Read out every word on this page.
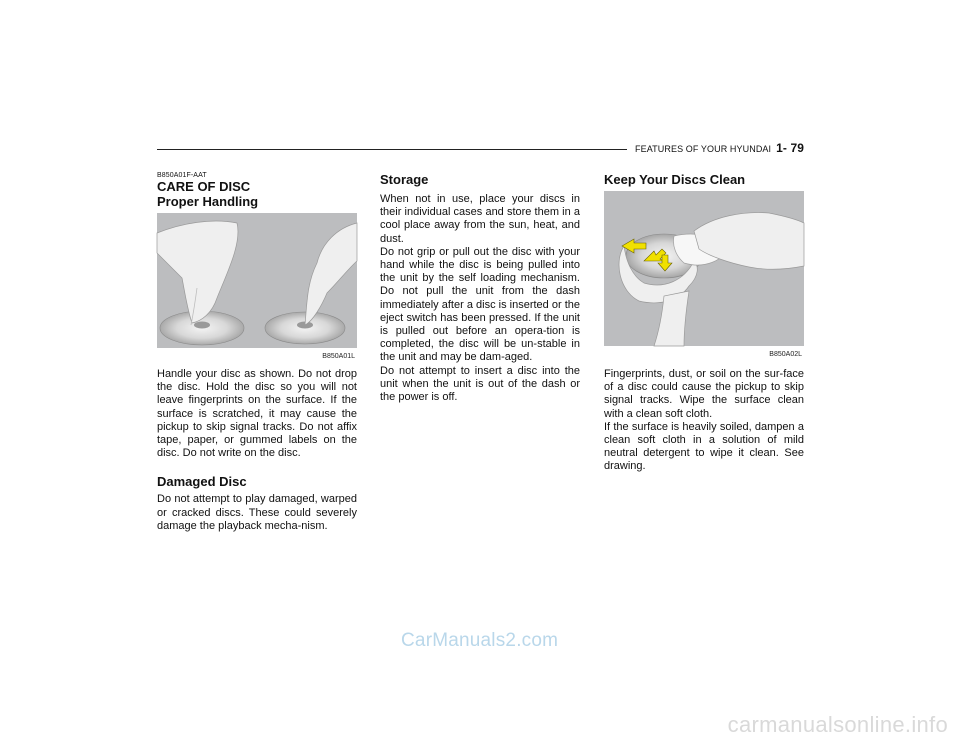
FEATURES OF YOUR HYUNDAI 1- 79
B850A01F-AAT
CARE OF DISC
Proper Handling
B850A01L

Handle your disc as shown. Do not drop the disc. Hold the disc so you will not leave fingerprints on the surface. If the surface is scratched, it may cause the pickup to skip signal tracks. Do not affix tape, paper, or gummed labels on the disc. Do not write on the disc.

Damaged Disc

Do not attempt to play damaged, warped or cracked discs. These could severely damage the playback mecha-nism.

Storage

When not in use, place your discs in their individual cases and store them in a cool place away from the sun, heat, and dust.

Do not grip or pull out the disc with your hand while the disc is being pulled into the unit by the self loading mechanism. Do not pull the unit from the dash immediately after a disc is inserted or the eject switch has been pressed. If the unit is pulled out before an opera-tion is completed, the disc will be un-stable in the unit and may be dam-aged.

Do not attempt to insert a disc into the unit when the unit is out of the dash or the power is off.

Keep Your Discs Clean
B850A02L

Fingerprints, dust, or soil on the sur-face of a disc could cause the pickup to skip signal tracks. Wipe the surface clean with a clean soft cloth.

If the surface is heavily soiled, dampen a clean soft cloth in a solution of mild neutral detergent to wipe it clean. See drawing.

CarManuals2.com
carmanualsonline.info
